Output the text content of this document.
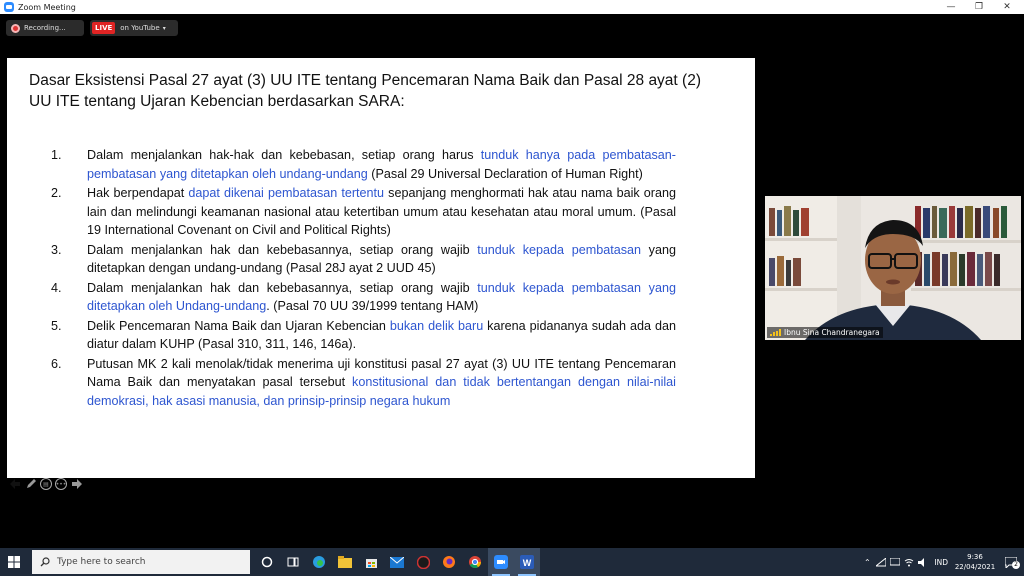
Zoom Meeting	—	❐	✕
Recording...	LIVE	on YouTube ▾
Dasar Eksistensi Pasal 27 ayat (3) UU ITE tentang Pencemaran Nama Baik dan Pasal 28 ayat (2) UU ITE tentang Ujaran Kebencian berdasarkan SARA:
1.	Dalam menjalankan hak-hak dan kebebasan, setiap orang harus tunduk hanya pada pembatasan-pembatasan yang ditetapkan oleh undang-undang (Pasal 29 Universal Declaration of Human Right)
2.	Hak berpendapat dapat dikenai pembatasan tertentu sepanjang menghormati hak atau nama baik orang lain dan melindungi keamanan nasional atau ketertiban umum atau kesehatan atau moral umum. (Pasal 19 International Covenant on Civil and Political Rights)
3.	Dalam menjalankan hak dan kebebasannya, setiap orang wajib tunduk kepada pembatasan yang ditetapkan dengan undang-undang (Pasal 28J ayat 2 UUD 45)
4.	Dalam menjalankan hak dan kebebasannya, setiap orang wajib tunduk kepada pembatasan yang ditetapkan oleh Undang-undang. (Pasal 70 UU 39/1999 tentang HAM)
5.	Delik Pencemaran Nama Baik dan Ujaran Kebencian bukan delik baru karena pidananya sudah ada dan diatur dalam KUHP (Pasal 310, 311, 146, 146a).
6.	Putusan MK 2 kali menolak/tidak menerima uji konstitusi pasal 27 ayat (3) UU ITE tentang Pencemaran Nama Baik dan menyatakan pasal tersebut konstitusional dan tidak bertentangan dengan nilai-nilai demokrasi, hak asasi manusia, dan prinsip-prinsip negara hukum
▤	•••
Ibnu Sina Chandranegara
Type here to search	W	⌃	IND
9:36
22/04/2021	2
